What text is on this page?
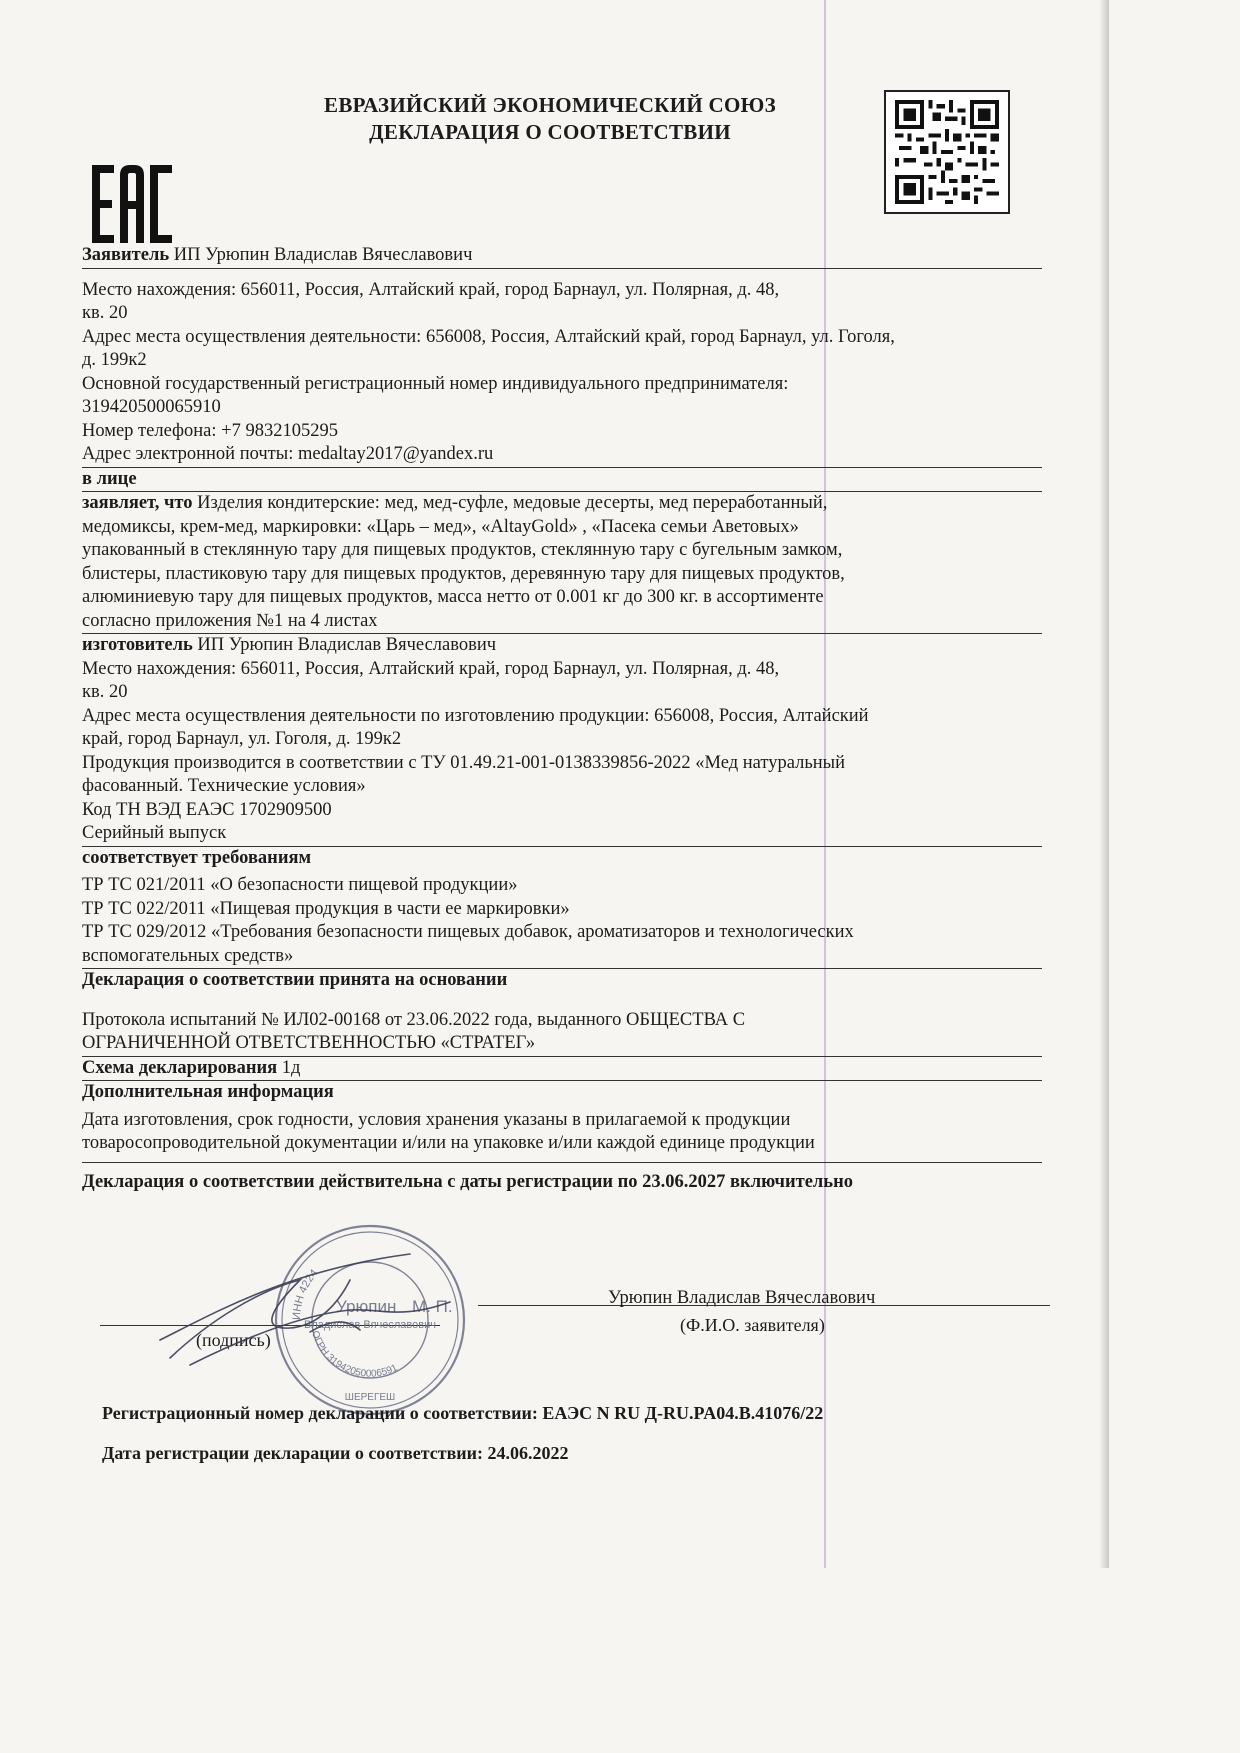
ЕВРАЗИЙСКИЙ ЭКОНОМИЧЕСКИЙ СОЮЗ
ДЕКЛАРАЦИЯ О СООТВЕТСТВИИ
Заявитель ИП Урюпин Владислав Вячеславович
Место нахождения: 656011, Россия, Алтайский край, город Барнаул, ул. Полярная, д. 48,
кв. 20
Адрес места осуществления деятельности: 656008, Россия, Алтайский край, город Барнаул, ул. Гоголя,
д. 199к2
Основной государственный регистрационный номер индивидуального предпринимателя:
319420500065910
Номер телефона: +7 9832105295
Адрес электронной почты: medaltay2017@yandex.ru
в лице
заявляет, что Изделия кондитерские: мед, мед-суфле, медовые десерты, мед переработанный,
медомиксы, крем-мед, маркировки: «Царь – мед», «AltayGold» , «Пасека семьи Аветовых»
упакованный в стеклянную тару для пищевых продуктов, стеклянную тару с бугельным замком,
блистеры, пластиковую тару для пищевых продуктов, деревянную тару для пищевых продуктов,
алюминиевую тару для пищевых продуктов, масса нетто от 0.001 кг до 300 кг. в ассортименте
согласно приложения №1 на 4 листах
изготовитель ИП Урюпин Владислав Вячеславович
Место нахождения: 656011, Россия, Алтайский край, город Барнаул, ул. Полярная, д. 48,
кв. 20
Адрес места осуществления деятельности по изготовлению продукции: 656008, Россия, Алтайский
край, город Барнаул, ул. Гоголя, д. 199к2
Продукция производится в соответствии с ТУ 01.49.21-001-0138339856-2022 «Мед натуральный
фасованный. Технические условия»
Код ТН ВЭД ЕАЭС 1702909500
Серийный выпуск
соответствует требованиям
ТР ТС 021/2011 «О безопасности пищевой продукции»
ТР ТС 022/2011 «Пищевая продукция в части ее маркировки»
ТР ТС 029/2012 «Требования безопасности пищевых добавок, ароматизаторов и технологических
вспомогательных средств»
Декларация о соответствии принята на основании
Протокола испытаний № ИЛ02-00168 от 23.06.2022 года, выданного ОБЩЕСТВА С
ОГРАНИЧЕННОЙ ОТВЕТСТВЕННОСТЬЮ «СТРАТЕГ»
Схема декларирования 1д
Дополнительная информация
Дата изготовления, срок годности, условия хранения указаны в прилагаемой к продукции
товаросопроводительной документации и/или на упаковке и/или каждой единице продукции
Декларация о соответствии действительна с даты регистрации по 23.06.2027 включительно
(подпись)
Урюпин Владислав Вячеславович
(Ф.И.О. заявителя)
ИНН 4224
ОГРН 31942050006591
Урюпин М. П.
Владислав Вячеславович
ШЕРЕГЕШ
Регистрационный номер декларации о соответствии: ЕАЭС N RU Д-RU.PA04.B.41076/22
Дата регистрации декларации о соответствии: 24.06.2022
